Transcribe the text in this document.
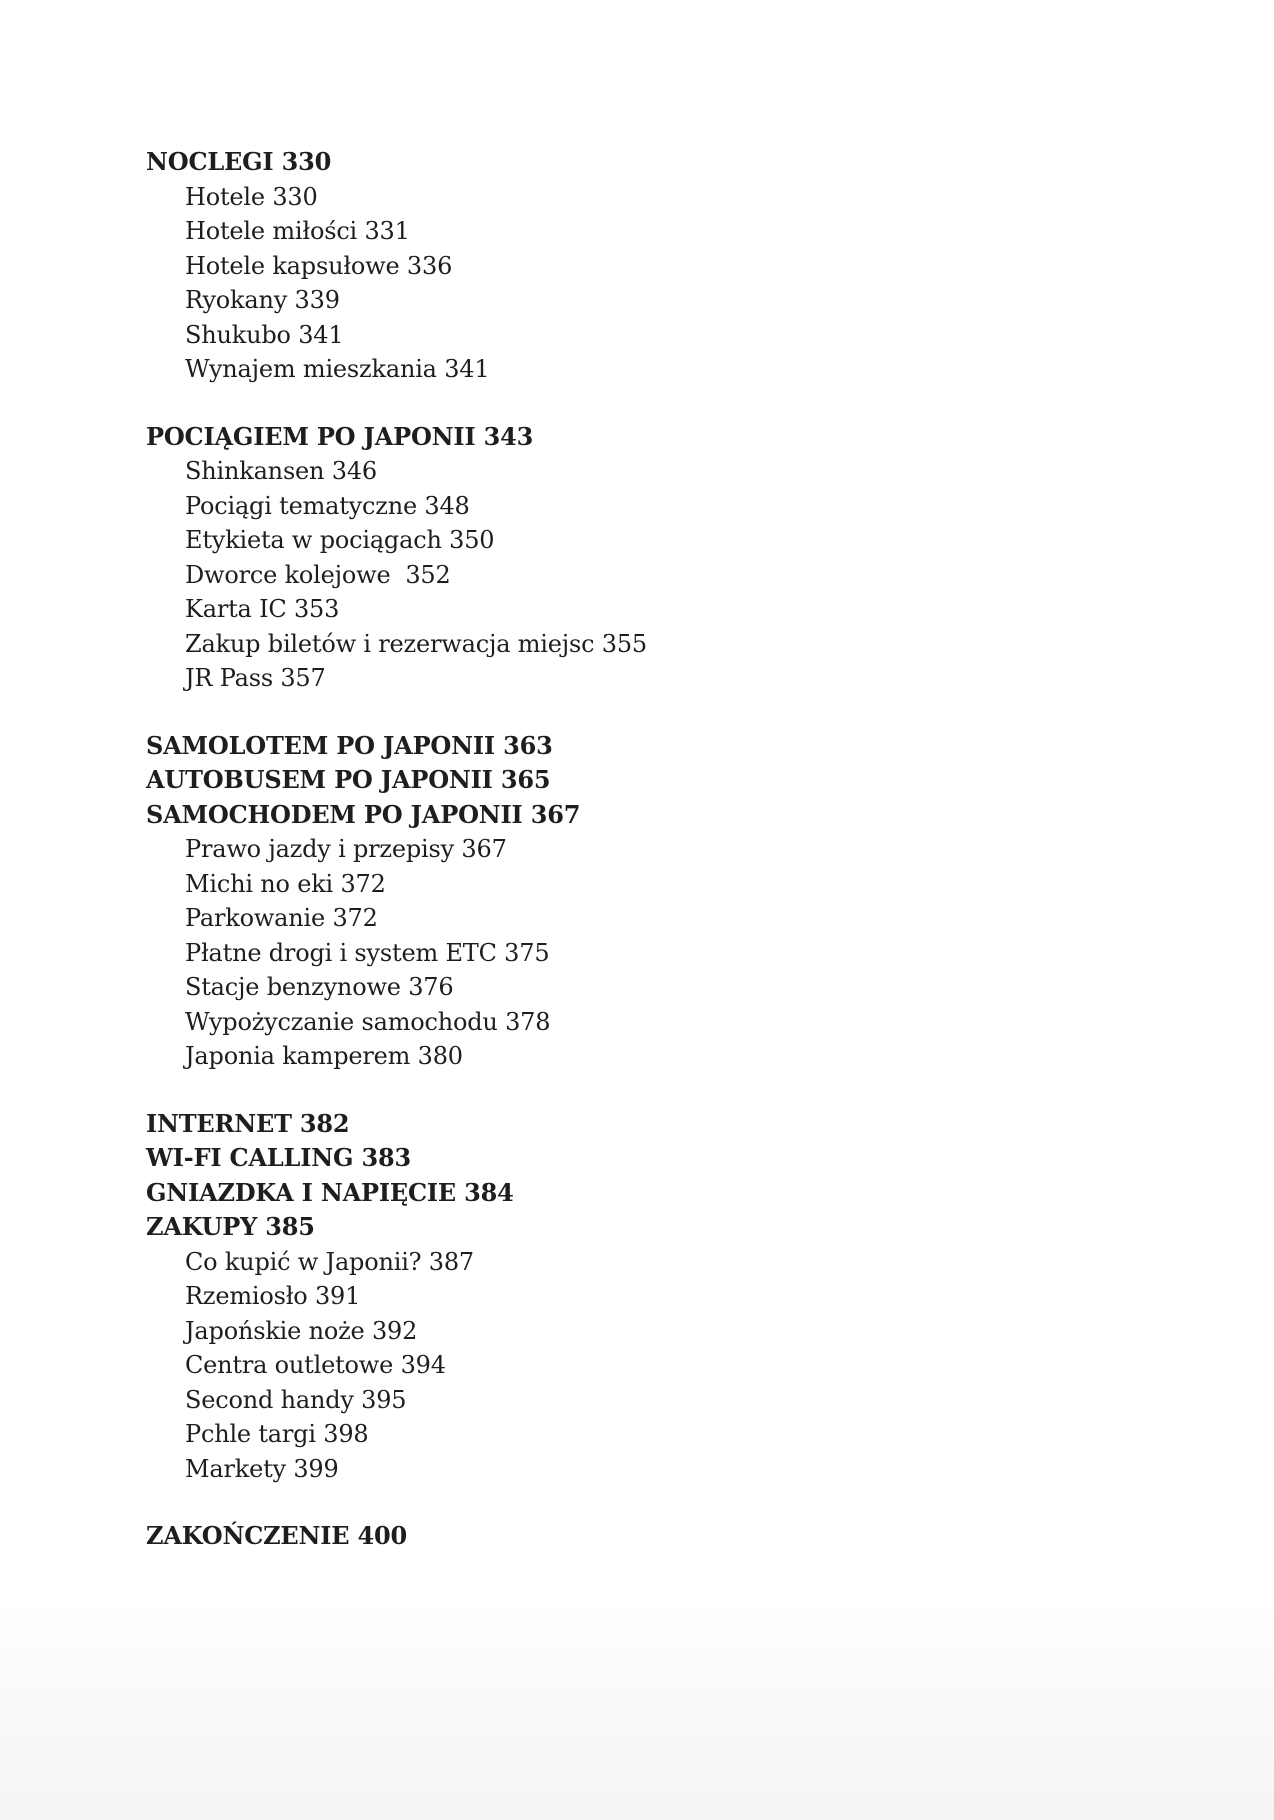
NOCLEGI 330
Hotele 330
Hotele miłości 331
Hotele kapsułowe 336
Ryokany 339
Shukubo 341
Wynajem mieszkania 341
POCIĄGIEM PO JAPONII 343
Shinkansen 346
Pociągi tematyczne 348
Etykieta w pociągach 350
Dworce kolejowe  352
Karta IC 353
Zakup biletów i rezerwacja miejsc 355
JR Pass 357
SAMOLOTEM PO JAPONII 363
AUTOBUSEM PO JAPONII 365
SAMOCHODEM PO JAPONII 367
Prawo jazdy i przepisy 367
Michi no eki 372
Parkowanie 372
Płatne drogi i system ETC 375
Stacje benzynowe 376
Wypożyczanie samochodu 378
Japonia kamperem 380
INTERNET 382
WI-FI CALLING 383
GNIAZDKA I NAPIĘCIE 384
ZAKUPY 385
Co kupić w Japonii? 387
Rzemiosło 391
Japońskie noże 392
Centra outletowe 394
Second handy 395
Pchle targi 398
Markety 399
ZAKOŃCZENIE 400
